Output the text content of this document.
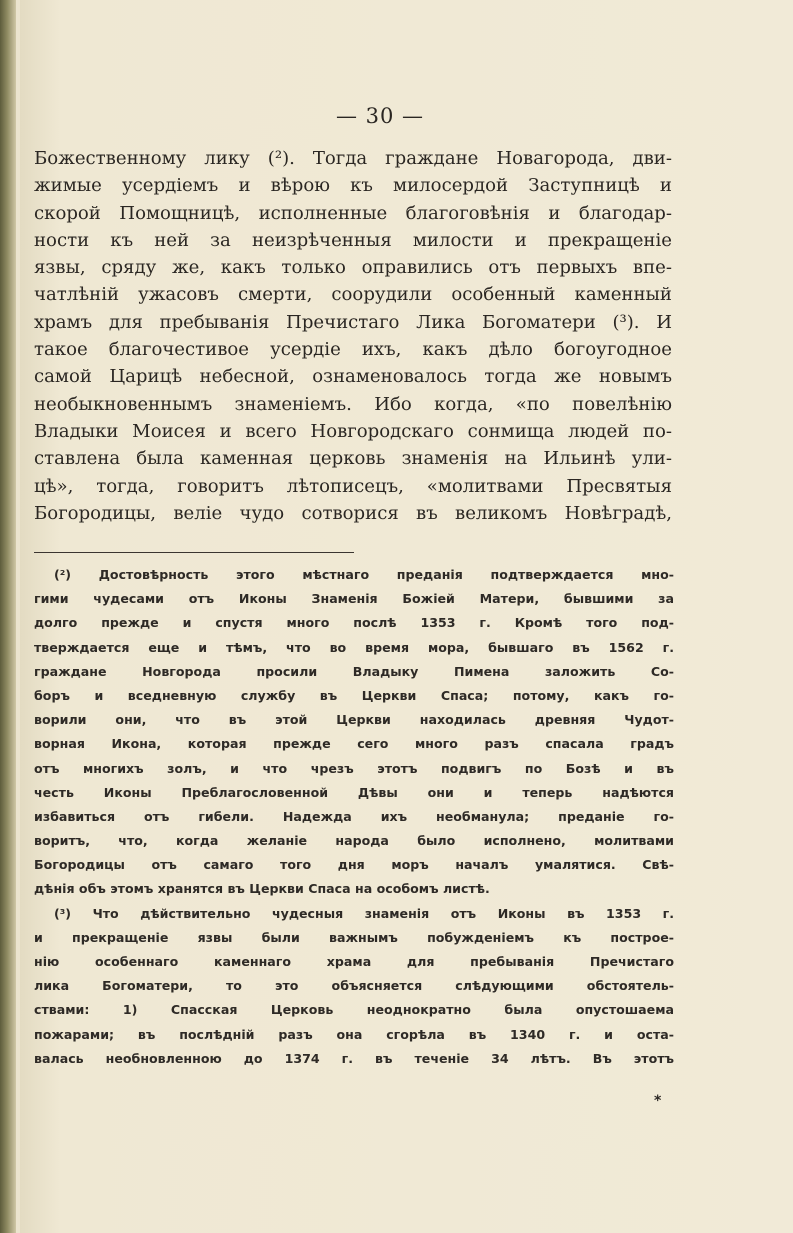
— 30 —
Божественному лику (²). Тогда граждане Новагорода, дви-
жимые усердіемъ и вѣрою къ милосердой Заступницѣ и
скорой Помощницѣ, исполненные благоговѣнія и благодар-
ности къ ней за неизрѣченныя милости и прекращеніе
язвы, сряду же, какъ только оправились отъ первыхъ впе-
чатлѣній ужасовъ смерти, соорудили особенный каменный
храмъ для пребыванія Пречистаго Лика Богоматери (³). И
такое благочестивое усердіе ихъ, какъ дѣло богоугодное
самой Царицѣ небесной, ознаменовалось тогда же новымъ
необыкновеннымъ знаменіемъ. Ибо когда, «по повелѣнію
Владыки Моисея и всего Новгородскаго сонмища людей по-
ставлена была каменная церковь знаменія на Ильинѣ ули-
цѣ», тогда, говоритъ лѣтописецъ, «молитвами Пресвятыя
Богородицы, веліе чудо сотворися въ великомъ Новѣградѣ,
(²) Достовѣрность этого мѣстнаго преданія подтверждается мно-
гими чудесами отъ Иконы Знаменія Божіей Матери, бывшими за
долго прежде и спустя много послѣ 1353 г. Кромѣ того под-
тверждается еще и тѣмъ, что во время мора, бывшаго въ 1562 г.
граждане Новгорода просили Владыку Пимена заложить Со-
боръ и вседневную службу въ Церкви Спаса; потому, какъ го-
ворили они, что въ этой Церкви находилась древняя Чудот-
ворная Икона, которая прежде сего много разъ спасала градъ
отъ многихъ золъ, и что чрезъ этотъ подвигъ по Бозѣ и въ
честь Иконы Преблагословенной Дѣвы они и теперь надѣются
избавиться отъ гибели. Надежда ихъ необманула; преданіе го-
воритъ, что, когда желаніе народа было исполнено, молитвами
Богородицы отъ самаго того дня моръ началъ умалятися. Свѣ-
дѣнія объ этомъ хранятся въ Церкви Спаса на особомъ листѣ.
(³) Что дѣйствительно чудесныя знаменія отъ Иконы въ 1353 г.
и прекращеніе язвы были важнымъ побужденіемъ къ построе-
нію особеннаго каменнаго храма для пребыванія Пречистаго
лика Богоматери, то это объясняется слѣдующими обстоятель-
ствами: 1) Спасская Церковь неоднократно была опустошаема
пожарами; въ послѣдній разъ она сгорѣла въ 1340 г. и оста-
валась необновленною до 1374 г. въ теченіе 34 лѣтъ. Въ этотъ
*
